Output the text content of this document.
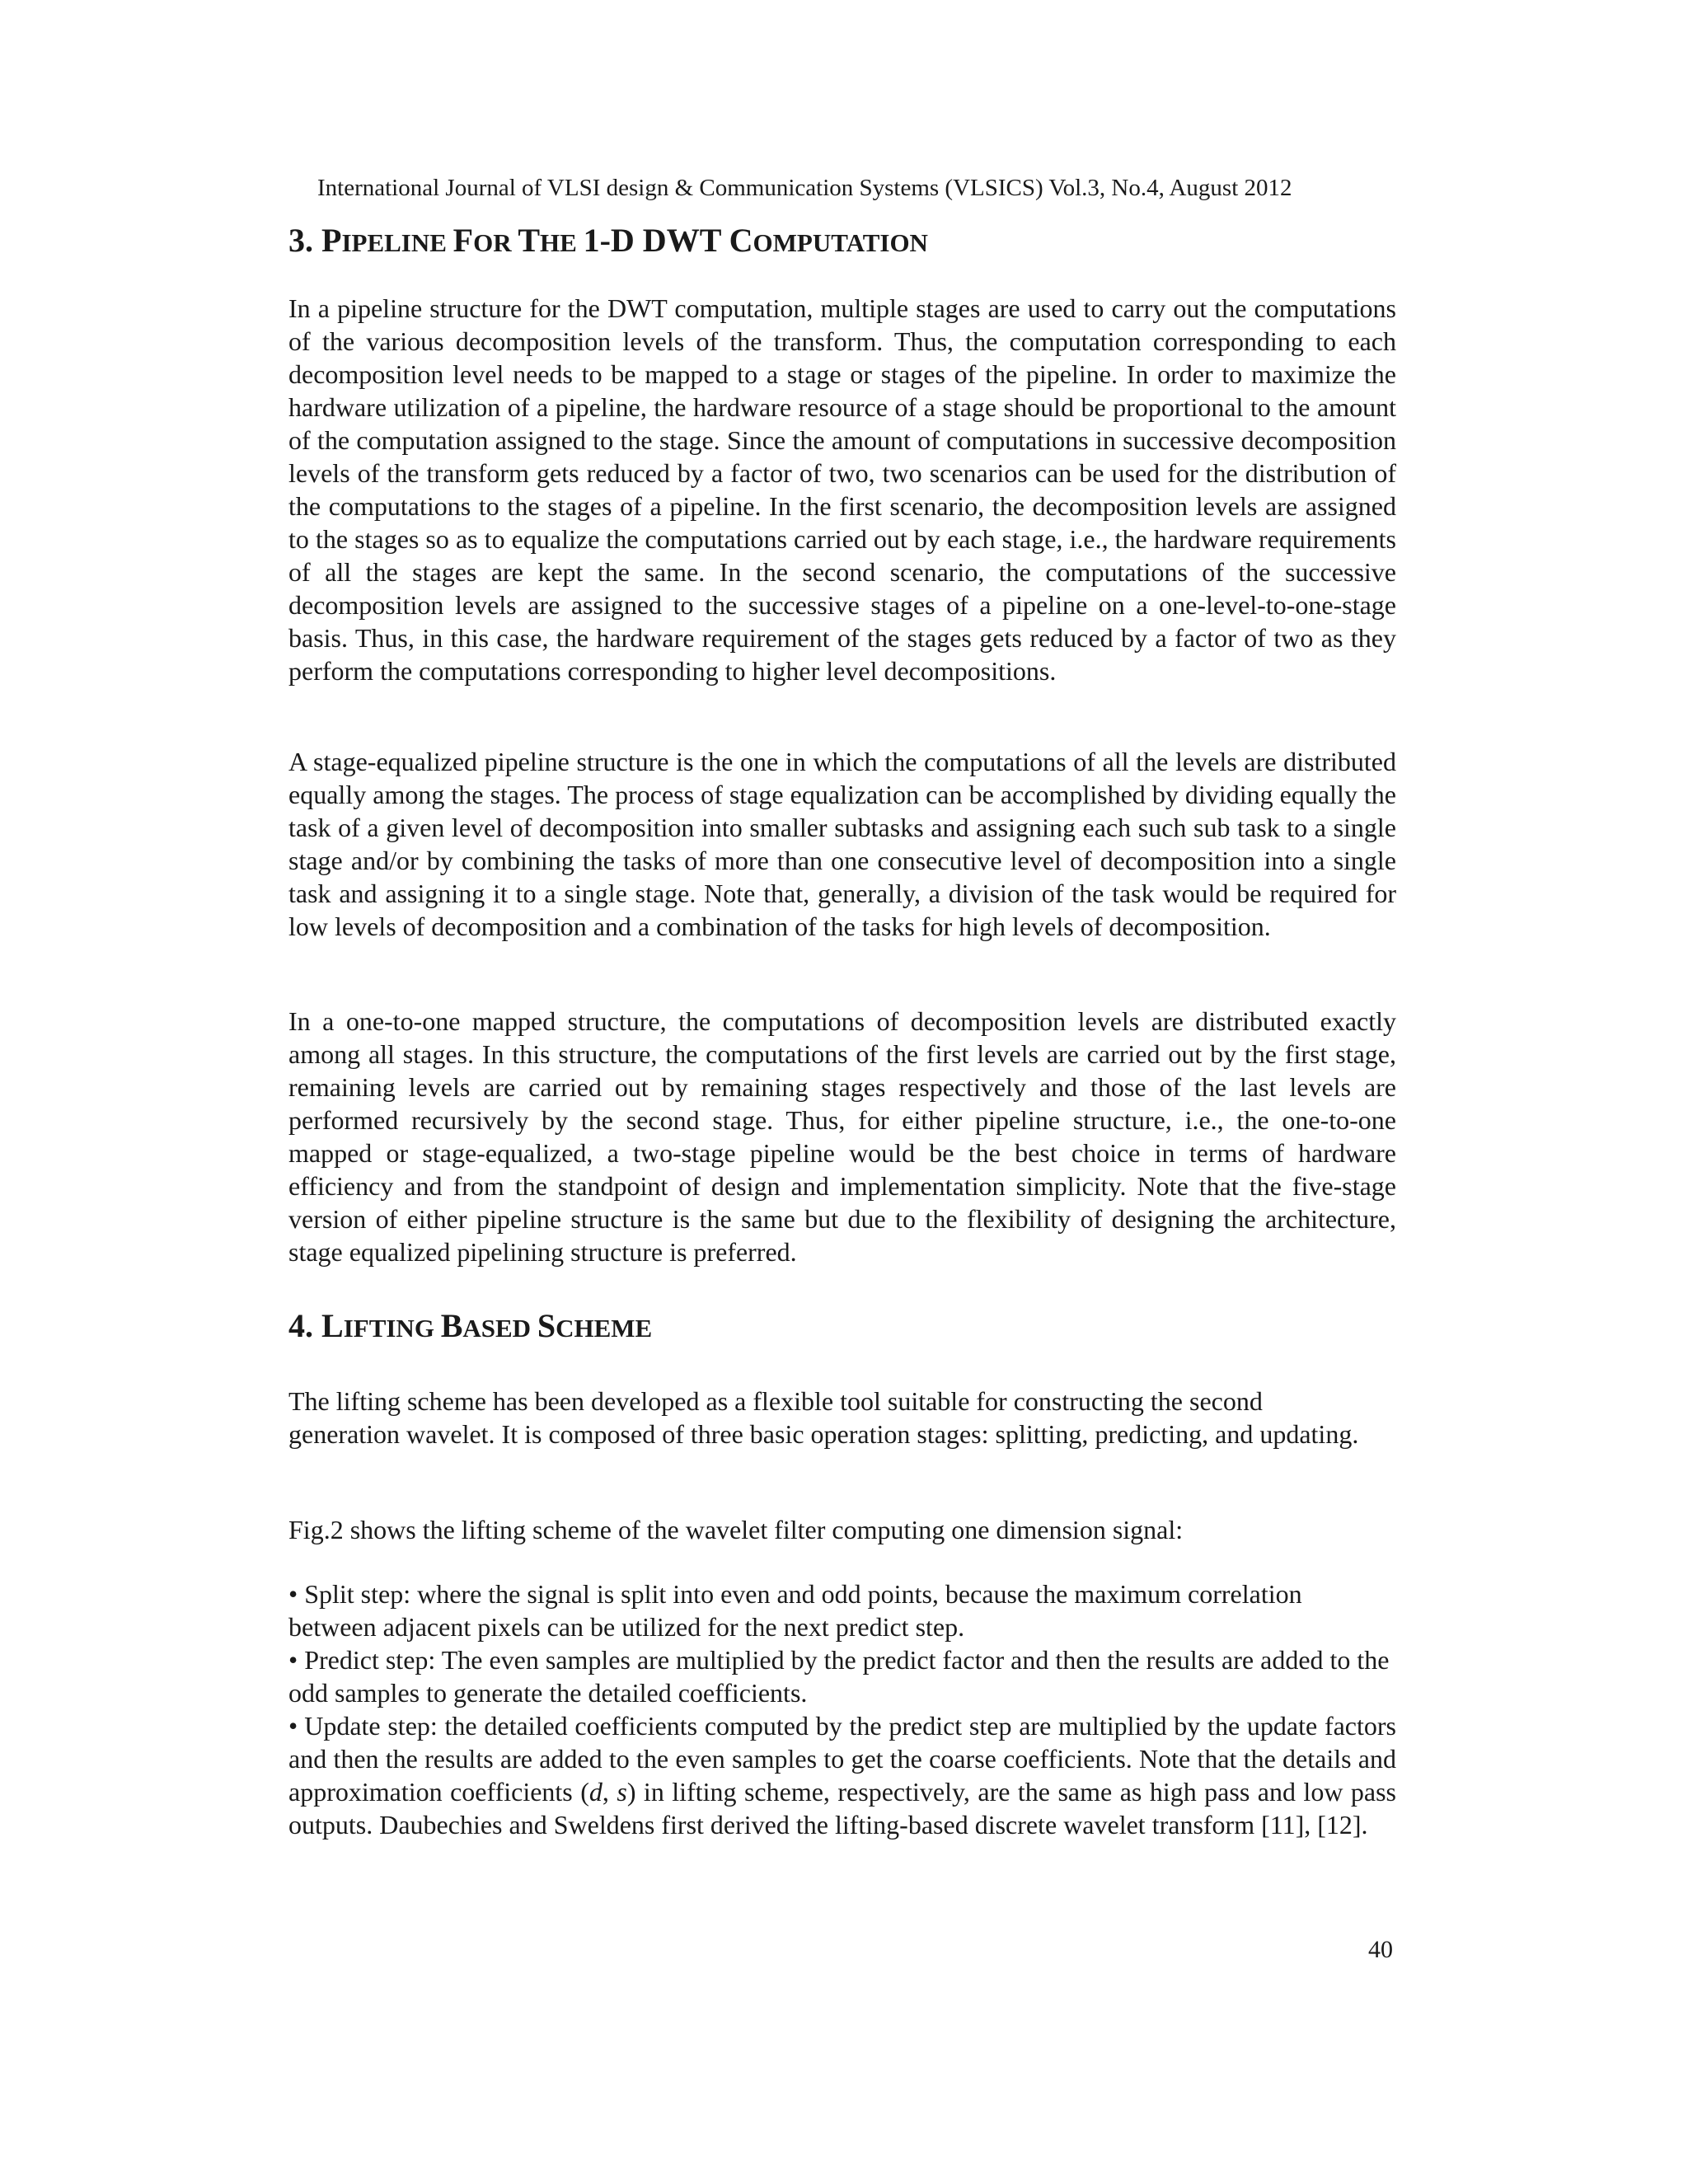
International Journal of VLSI design & Communication Systems (VLSICS) Vol.3, No.4, August 2012
3. PIPELINE FOR THE 1-D DWT COMPUTATION

In a pipeline structure for the DWT computation, multiple stages are used to carry out the computations of the various decomposition levels of the transform. Thus, the computation corresponding to each decomposition level needs to be mapped to a stage or stages of the pipeline. In order to maximize the hardware utilization of a pipeline, the hardware resource of a stage should be proportional to the amount of the computation assigned to the stage. Since the amount of computations in successive decomposition levels of the transform gets reduced by a factor of two, two scenarios can be used for the distribution of the computations to the stages of a pipeline. In the first scenario, the decomposition levels are assigned to the stages so as to equalize the computations carried out by each stage, i.e., the hardware requirements of all the stages are kept the same. In the second scenario, the computations of the successive decomposition levels are assigned to the successive stages of a pipeline on a one-level-to-one-stage basis. Thus, in this case, the hardware requirement of the stages gets reduced by a factor of two as they perform the computations corresponding to higher level decompositions.

A stage-equalized pipeline structure is the one in which the computations of all the levels are distributed equally among the stages. The process of stage equalization can be accomplished by dividing equally the task of a given level of decomposition into smaller subtasks and assigning each such sub task to a single stage and/or by combining the tasks of more than one consecutive level of decomposition into a single task and assigning it to a single stage. Note that, generally, a division of the task would be required for low levels of decomposition and a combination of the tasks for high levels of decomposition.

In a one-to-one mapped structure, the computations of decomposition levels are distributed exactly among all stages. In this structure, the computations of the first levels are carried out by the first stage, remaining levels are carried out by remaining stages respectively and those of the last levels are performed recursively by the second stage. Thus, for either pipeline structure, i.e., the one-to-one mapped or stage-equalized, a two-stage pipeline would be the best choice in terms of hardware efficiency and from the standpoint of design and implementation simplicity. Note that the five-stage version of either pipeline structure is the same but due to the flexibility of designing the architecture, stage equalized pipelining structure is preferred.

4. LIFTING BASED SCHEME

The lifting scheme has been developed as a flexible tool suitable for constructing the second generation wavelet. It is composed of three basic operation stages: splitting, predicting, and updating.

Fig.2 shows the lifting scheme of the wavelet filter computing one dimension signal:

• Split step: where the signal is split into even and odd points, because the maximum correlation between adjacent pixels can be utilized for the next predict step.
• Predict step: The even samples are multiplied by the predict factor and then the results are added to the odd samples to generate the detailed coefficients.
• Update step: the detailed coefficients computed by the predict step are multiplied by the update factors and then the results are added to the even samples to get the coarse coefficients. Note that the details and approximation coefficients (d, s) in lifting scheme, respectively, are the same as high pass and low pass outputs. Daubechies and Sweldens first derived the lifting-based discrete wavelet transform [11], [12].
40
